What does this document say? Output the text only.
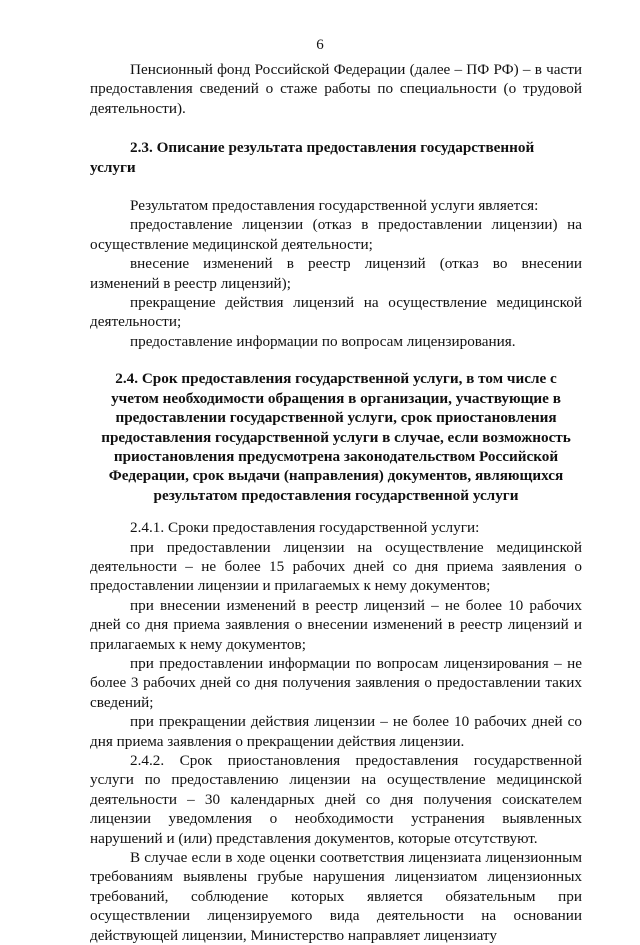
6

Пенсионный фонд Российской Федерации (далее – ПФ РФ) – в части предоставления сведений о стаже работы по специальности (о трудовой деятельности).

2.3. Описание результата предоставления государственной услуги

Результатом предоставления государственной услуги является:

предоставление лицензии (отказ в предоставлении лицензии) на осуществление медицинской деятельности;

внесение изменений в реестр лицензий (отказ во внесении изменений в реестр лицензий);

прекращение действия лицензий на осуществление медицинской деятельности;

предоставление информации по вопросам лицензирования.

2.4. Срок предоставления государственной услуги, в том числе с учетом необходимости обращения в организации, участвующие в предоставлении государственной услуги, срок приостановления предоставления государственной услуги в случае, если возможность приостановления предусмотрена законодательством Российской Федерации, срок выдачи (направления) документов, являющихся результатом предоставления государственной услуги

2.4.1. Сроки предоставления государственной услуги:

при предоставлении лицензии на осуществление медицинской деятельности – не более 15 рабочих дней со дня приема заявления о предоставлении лицензии и прилагаемых к нему документов;

при внесении изменений в реестр лицензий – не более 10 рабочих дней со дня приема заявления о внесении изменений в реестр лицензий и прилагаемых к нему документов;

при предоставлении информации по вопросам лицензирования – не более 3 рабочих дней со дня получения заявления о предоставлении таких сведений;

при прекращении действия лицензии – не более 10 рабочих дней со дня приема заявления о прекращении действия лицензии.

2.4.2. Срок приостановления предоставления государственной услуги по предоставлению лицензии на осуществление медицинской деятельности – 30 календарных дней со дня получения соискателем лицензии уведомления о необходимости устранения выявленных нарушений и (или) представления документов, которые отсутствуют.

В случае если в ходе оценки соответствия лицензиата лицензионным требованиям выявлены грубые нарушения лицензиатом лицензионных требований, соблюдение которых является обязательным при осуществлении лицензируемого вида деятельности на основании действующей лицензии, Министерство направляет лицензиату
